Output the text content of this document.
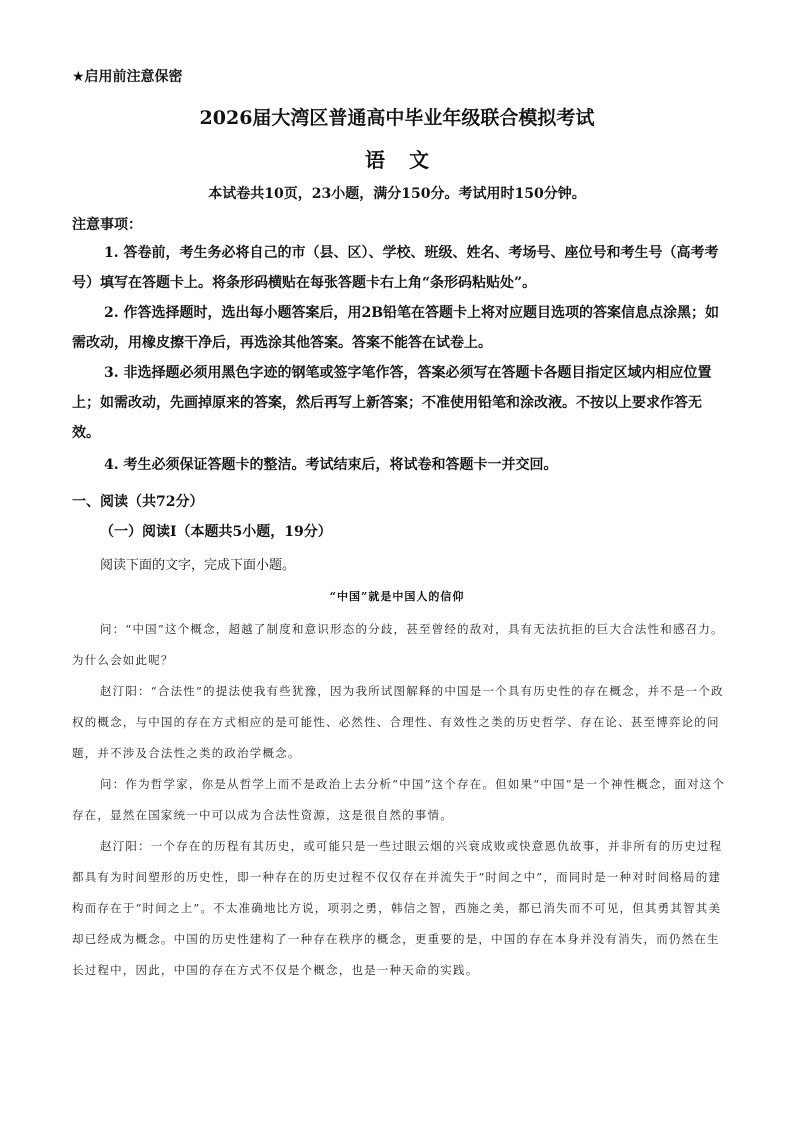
★启用前注意保密
2026届大湾区普通高中毕业年级联合模拟考试
语文
本试卷共10页，23小题，满分150分。考试用时150分钟。
注意事项：

1. 答卷前，考生务必将自己的市（县、区）、学校、班级、姓名、考场号、座位号和考生号（高考考号）填写在答题卡上。将条形码横贴在每张答题卡右上角“条形码粘贴处”。

2. 作答选择题时，选出每小题答案后，用2B铅笔在答题卡上将对应题目选项的答案信息点涂黑；如需改动，用橡皮擦干净后，再选涂其他答案。答案不能答在试卷上。

3. 非选择题必须用黑色字迹的钢笔或签字笔作答，答案必须写在答题卡各题目指定区域内相应位置上；如需改动，先画掉原来的答案，然后再写上新答案；不准使用铅笔和涂改液。不按以上要求作答无效。

4. 考生必须保证答题卡的整洁。考试结束后，将试卷和答题卡一并交回。

一、阅读（共72分）
（一）阅读Ⅰ（本题共5小题，19分）
阅读下面的文字，完成下面小题。
“中国”就是中国人的信仰

问：“中国”这个概念，超越了制度和意识形态的分歧，甚至曾经的敌对，具有无法抗拒的巨大合法性和感召力。为什么会如此呢？

赵汀阳：“合法性”的提法使我有些犹豫，因为我所试图解释的中国是一个具有历史性的存在概念，并不是一个政权的概念，与中国的存在方式相应的是可能性、必然性、合理性、有效性之类的历史哲学、存在论、甚至博弈论的问题，并不涉及合法性之类的政治学概念。

问：作为哲学家，你是从哲学上而不是政治上去分析“中国”这个存在。但如果“中国”是一个神性概念，面对这个存在，显然在国家统一中可以成为合法性资源，这是很自然的事情。

赵汀阳：一个存在的历程有其历史，或可能只是一些过眼云烟的兴衰成败或快意恩仇故事，并非所有的历史过程都具有为时间塑形的历史性，即一种存在的历史过程不仅仅存在并流失于“时间之中”，而同时是一种对时间格局的建构而存在于“时间之上”。不太准确地比方说，项羽之勇，韩信之智，西施之美，都已消失而不可见，但其勇其智其美却已经成为概念。中国的历史性建构了一种存在秩序的概念，更重要的是，中国的存在本身并没有消失，而仍然在生长过程中，因此，中国的存在方式不仅是个概念，也是一种天命的实践。
